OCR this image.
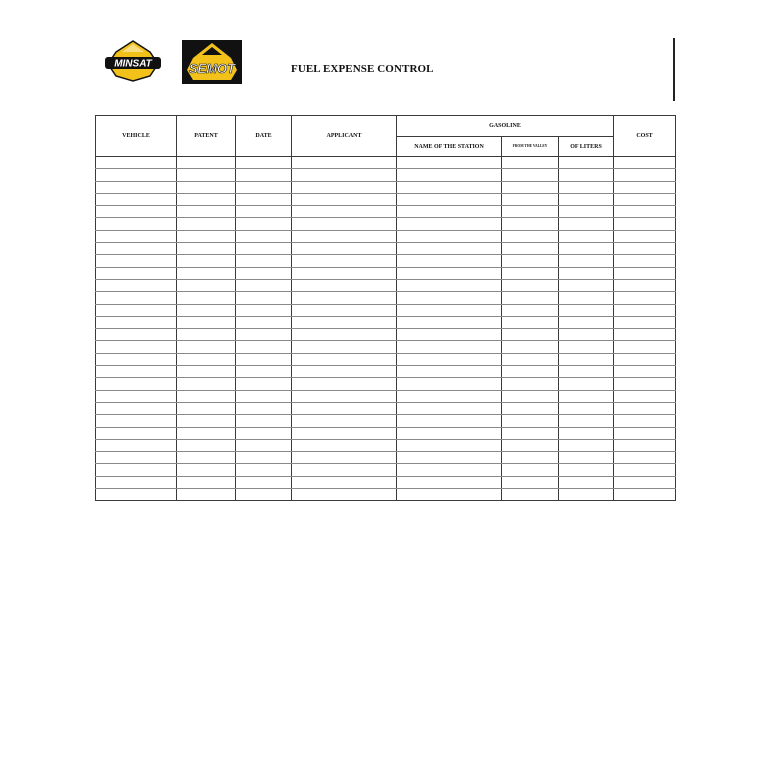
MINSAT	SEMOT	FUEL EXPENSE CONTROL
VEHICLE	PATENT	DATE	APPLICANT	GASOLINE			COST
				NAME OF THE STATION	FROM THE VALLEY	OF LITERS	
